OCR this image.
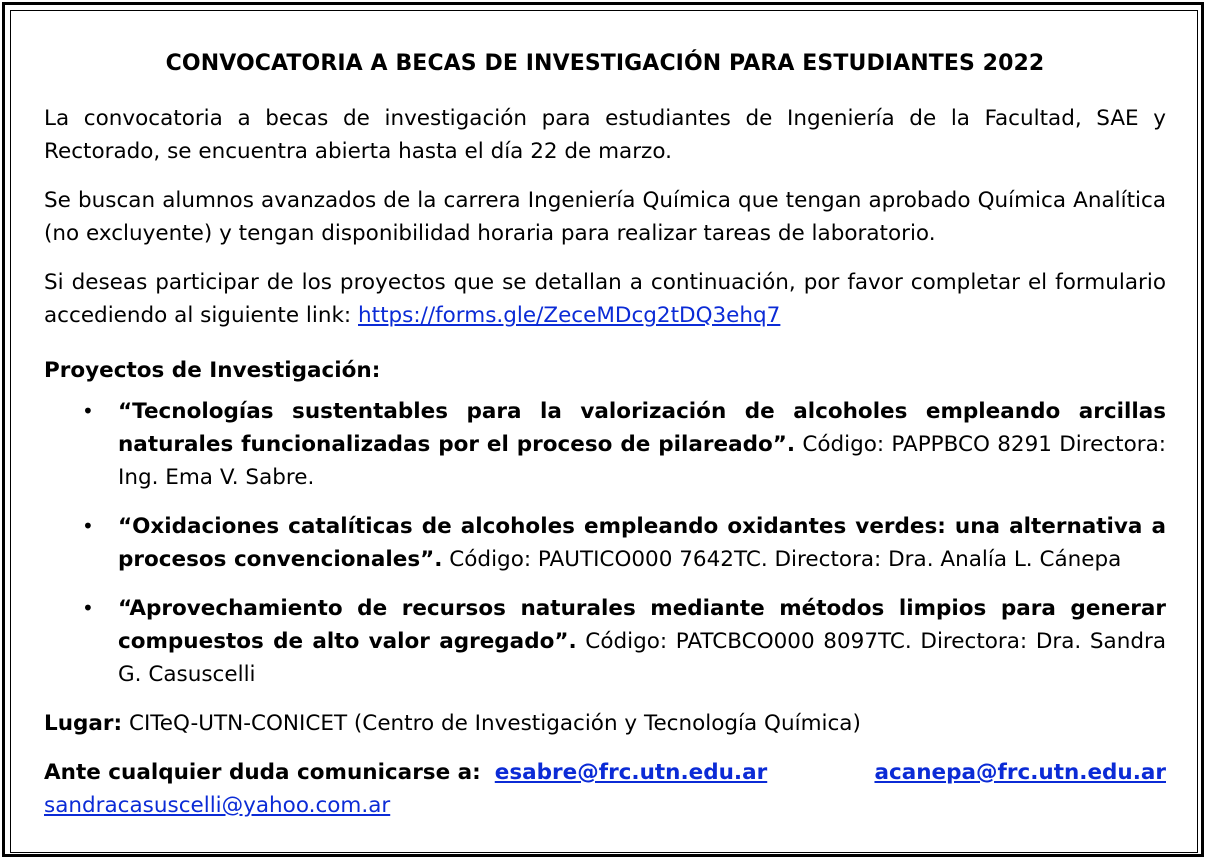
CONVOCATORIA A BECAS DE INVESTIGACIÓN PARA ESTUDIANTES 2022

La convocatoria a becas de investigación para estudiantes de Ingeniería de la Facultad, SAE y Rectorado, se encuentra abierta hasta el día 22 de marzo.

Se buscan alumnos avanzados de la carrera Ingeniería Química que tengan aprobado Química Analítica (no excluyente) y tengan disponibilidad horaria para realizar tareas de laboratorio.

Si deseas participar de los proyectos que se detallan a continuación, por favor completar el formulario accediendo al siguiente link: https://forms.gle/ZeceMDcg2tDQ3ehq7

Proyectos de Investigación:
• “Tecnologías sustentables para la valorización de alcoholes empleando arcillas naturales funcionalizadas por el proceso de pilareado”. Código: PAPPBCO 8291 Directora: Ing. Ema V. Sabre.
• “Oxidaciones catalíticas de alcoholes empleando oxidantes verdes: una alternativa a procesos convencionales”. Código: PAUTICO000 7642TC. Directora: Dra. Analía L. Cánepa
• “Aprovechamiento de recursos naturales mediante métodos limpios para generar compuestos de alto valor agregado”. Código: PATCBCO000 8097TC. Directora: Dra. Sandra G. Casuscelli

Lugar: CITeQ-UTN-CONICET (Centro de Investigación y Tecnología Química)

Ante cualquier duda comunicarse a: esabre@frc.utn.edu.ar	acanepa@frc.utn.edu.ar

sandracasuscelli@yahoo.com.ar
